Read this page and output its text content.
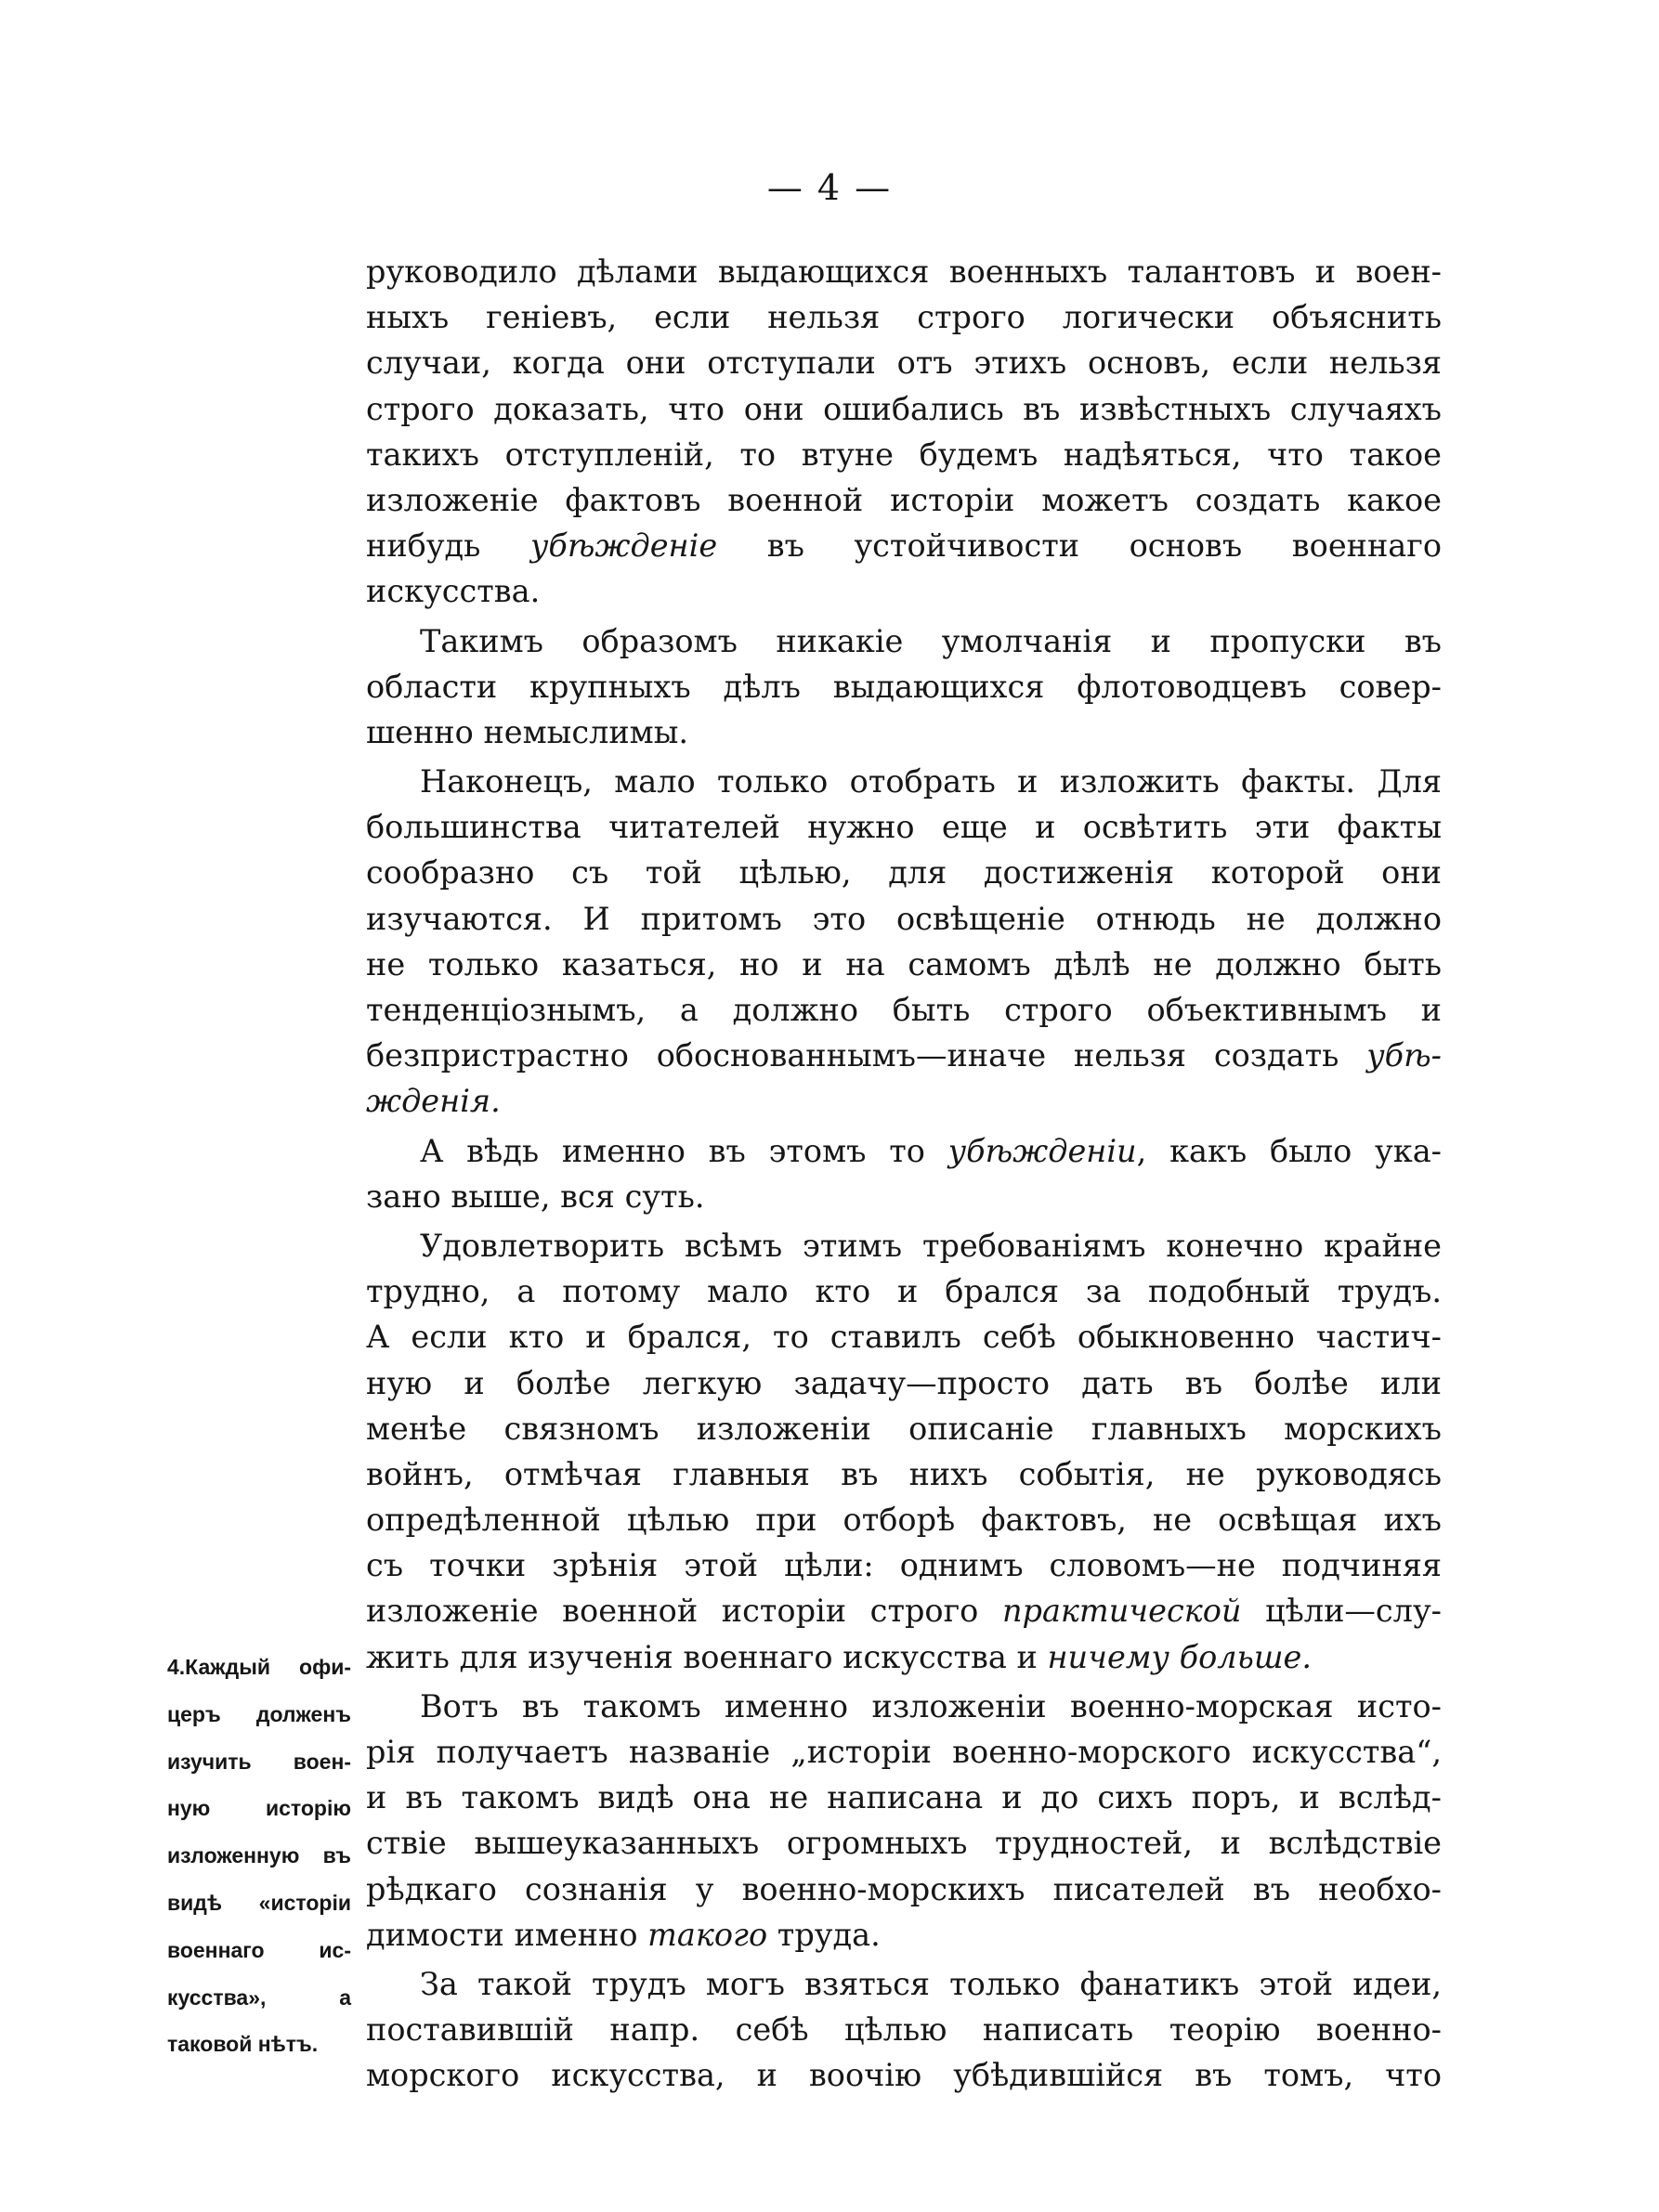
— 4 —
руководило дѣлами выдающихся военныхъ талантовъ и воен-
ныхъ геніевъ, если нельзя строго логически объяснить
случаи, когда они отступали отъ этихъ основъ, если нельзя
строго доказать, что они ошибались въ извѣстныхъ случаяхъ
такихъ отступленій, то втуне будемъ надѣяться, что такое
изложеніе фактовъ военной исторіи можетъ создать какое
нибудь убѣжденіе въ устойчивости основъ военнаго
искусства.
Такимъ образомъ никакіе умолчанія и пропуски въ
области крупныхъ дѣлъ выдающихся флотоводцевъ совер-
шенно немыслимы.
Наконецъ, мало только отобрать и изложить факты. Для
большинства читателей нужно еще и освѣтить эти факты
сообразно съ той цѣлью, для достиженія которой они
изучаются. И притомъ это освѣщеніе отнюдь не должно
не только казаться, но и на самомъ дѣлѣ не должно быть
тенденціознымъ, а должно быть строго объективнымъ и
безпристрастно обоснованнымъ—иначе нельзя создать убѣ-
жденія.
А вѣдь именно въ этомъ то убѣжденіи, какъ было ука-
зано выше, вся суть.
Удовлетворить всѣмъ этимъ требованіямъ конечно крайне
трудно, а потому мало кто и брался за подобный трудъ.
А если кто и брался, то ставилъ себѣ обыкновенно частич-
ную и болѣе легкую задачу—просто дать въ болѣе или
менѣе связномъ изложеніи описаніе главныхъ морскихъ
войнъ, отмѣчая главныя въ нихъ событія, не руководясь
опредѣленной цѣлью при отборѣ фактовъ, не освѣщая ихъ
съ точки зрѣнія этой цѣли: однимъ словомъ—не подчиняя
изложеніе военной исторіи строго практической цѣли—слу-
жить для изученія военнаго искусства и ничему больше.
Вотъ въ такомъ именно изложеніи военно-морская исто-
рія получаетъ названіе „исторіи военно-морского искусства“,
и въ такомъ видѣ она не написана и до сихъ поръ, и вслѣд-
ствіе вышеуказанныхъ огромныхъ трудностей, и вслѣдствіе
рѣдкаго сознанія у военно-морскихъ писателей въ необхо-
димости именно такого труда.
За такой трудъ могъ взяться только фанатикъ этой идеи,
поставившій напр. себѣ цѣлью написать теорію военно-
морского искусства, и воочію убѣдившійся въ томъ, что
4.Каждый офи-
церъ долженъ
изучить воен-
ную исторію
изложенную въ
видѣ «исторіи
военнаго ис-
кусства», а
таковой нѣтъ.
